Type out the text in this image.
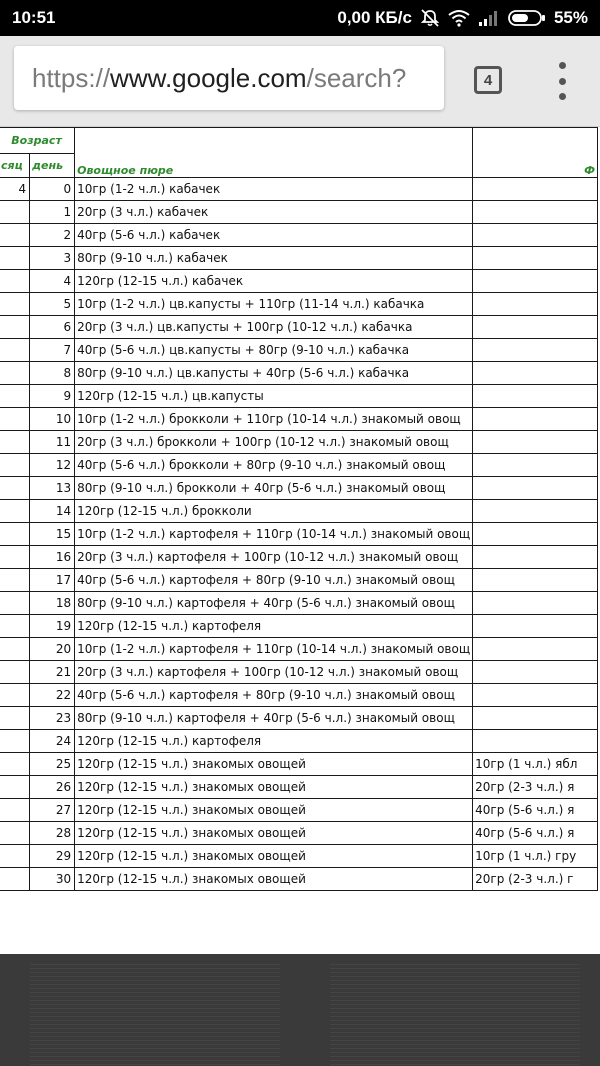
10:51	0,00 КБ/с	55%
https:// www.google.com /search?	4
Возраст		Овощное пюре	Ф
сяц	день		
4	0	10гр (1-2 ч.л.) кабачек	
	1	20гр (3 ч.л.) кабачек	
	2	40гр (5-6 ч.л.) кабачек	
	3	80гр (9-10 ч.л.) кабачек	
	4	120гр (12-15 ч.л.) кабачек	
	5	10гр (1-2 ч.л.) цв.капусты + 110гр (11-14 ч.л.) кабачка	
	6	20гр (3 ч.л.) цв.капусты + 100гр (10-12 ч.л.) кабачка	
	7	40гр (5-6 ч.л.) цв.капусты + 80гр (9-10 ч.л.) кабачка	
	8	80гр (9-10 ч.л.) цв.капусты + 40гр (5-6 ч.л.) кабачка	
	9	120гр (12-15 ч.л.) цв.капусты	
	10	10гр (1-2 ч.л.) брокколи + 110гр (10-14 ч.л.) знакомый овощ	
	11	20гр (3 ч.л.) брокколи + 100гр (10-12 ч.л.) знакомый овощ	
	12	40гр (5-6 ч.л.) брокколи + 80гр (9-10 ч.л.) знакомый овощ	
	13	80гр (9-10 ч.л.) брокколи + 40гр (5-6 ч.л.) знакомый овощ	
	14	120гр (12-15 ч.л.) брокколи	
	15	10гр (1-2 ч.л.) картофеля + 110гр (10-14 ч.л.) знакомый овощ	
	16	20гр (3 ч.л.) картофеля + 100гр (10-12 ч.л.) знакомый овощ	
	17	40гр (5-6 ч.л.) картофеля + 80гр (9-10 ч.л.) знакомый овощ	
	18	80гр (9-10 ч.л.) картофеля + 40гр (5-6 ч.л.) знакомый овощ	
	19	120гр (12-15 ч.л.) картофеля	
	20	10гр (1-2 ч.л.) картофеля + 110гр (10-14 ч.л.) знакомый овощ	
	21	20гр (3 ч.л.) картофеля + 100гр (10-12 ч.л.) знакомый овощ	
	22	40гр (5-6 ч.л.) картофеля + 80гр (9-10 ч.л.) знакомый овощ	
	23	80гр (9-10 ч.л.) картофеля + 40гр (5-6 ч.л.) знакомый овощ	
	24	120гр (12-15 ч.л.) картофеля	
	25	120гр (12-15 ч.л.) знакомых овощей	10гр (1 ч.л.) ябл
	26	120гр (12-15 ч.л.) знакомых овощей	20гр (2-3 ч.л.) я
	27	120гр (12-15 ч.л.) знакомых овощей	40гр (5-6 ч.л.) я
	28	120гр (12-15 ч.л.) знакомых овощей	40гр (5-6 ч.л.) я
	29	120гр (12-15 ч.л.) знакомых овощей	10гр (1 ч.л.) гру
	30	120гр (12-15 ч.л.) знакомых овощей	20гр (2-3 ч.л.) г
